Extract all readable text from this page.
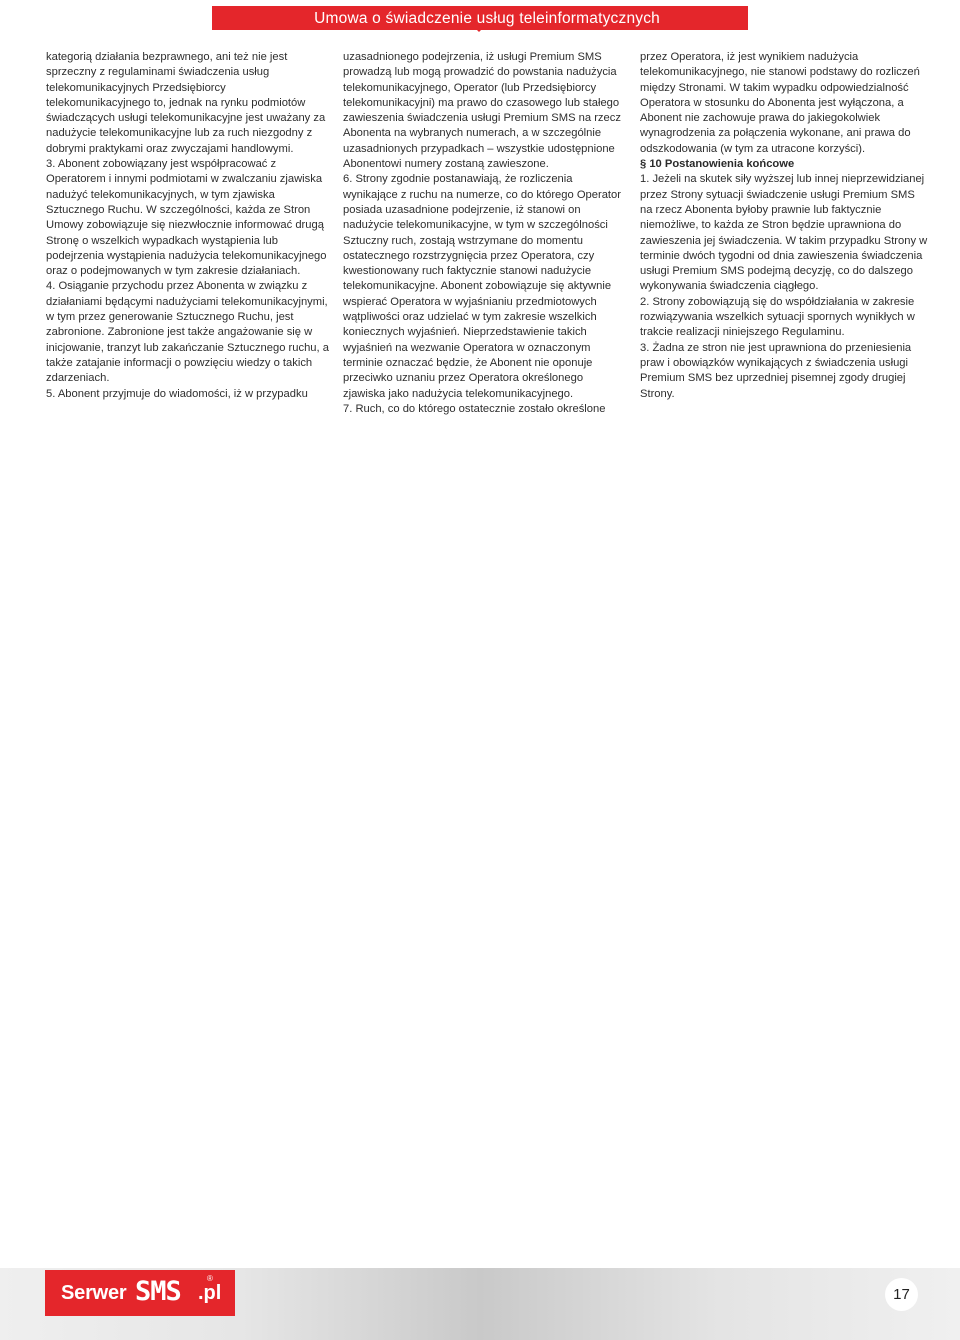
Umowa o świadczenie usług teleinformatycznych

kategorią działania bezprawnego, ani też nie jest sprzeczny z regulaminami świadczenia usług telekomunikacyjnych Przedsiębiorcy telekomunikacyjnego to, jednak na rynku podmiotów świadczących usługi telekomunikacyjne jest uważany za nadużycie telekomunikacyjne lub za ruch niezgodny z dobrymi praktykami oraz zwyczajami handlowymi.

3. Abonent zobowiązany jest współpracować z Operatorem i innymi podmiotami w zwalczaniu zjawiska nadużyć telekomunikacyjnych, w tym zjawiska Sztucznego Ruchu. W szczególności, każda ze Stron Umowy zobowiązuje się niezwłocznie informować drugą Stronę o wszelkich wypadkach wystąpienia lub podejrzenia wystąpienia nadużycia telekomunikacyjnego oraz o podejmowanych w tym zakresie działaniach.

4. Osiąganie przychodu przez Abonenta w związku z działaniami będącymi nadużyciami telekomunikacyjnymi,

w tym przez generowanie Sztucznego Ruchu, jest zabronione. Zabronione jest także angażowanie się w inicjowanie, tranzyt lub zakańczanie Sztucznego ruchu, a także zatajanie informacji o powzięciu wiedzy o takich zdarzeniach.

5. Abonent przyjmuje do wiadomości, iż w przypadku

uzasadnionego podejrzenia, iż usługi Premium SMS prowadzą lub mogą prowadzić do powstania nadużycia telekomunikacyjnego, Operator (lub Przedsiębiorcy telekomunikacyjni) ma prawo do czasowego lub stałego zawieszenia świadczenia usługi Premium SMS na rzecz Abonenta na wybranych numerach, a w szczególnie uzasadnionych przypadkach – wszystkie udostępnione Abonentowi numery zostaną zawieszone.

6. Strony zgodnie postanawiają, że rozliczenia wynikające z ruchu na numerze, co do którego Operator posiada uzasadnione podejrzenie, iż stanowi on nadużycie telekomunikacyjne, w tym w szczególności Sztuczny ruch, zostają wstrzymane do momentu ostatecznego rozstrzygnięcia przez Operatora, czy kwestionowany ruch faktycznie stanowi nadużycie telekomunikacyjne. Abonent zobowiązuje się aktywnie wspierać Operatora w wyjaśnianiu przedmiotowych wątpliwości oraz udzielać w tym zakresie wszelkich koniecznych wyjaśnień. Nieprzedstawienie takich wyjaśnień na wezwanie Operatora w oznaczonym terminie oznaczać będzie, że Abonent nie oponuje przeciwko uznaniu przez Operatora określonego zjawiska jako nadużycia telekomunikacyjnego.

7. Ruch, co do którego ostatecznie zostało określone

przez Operatora, iż jest wynikiem nadużycia telekomunikacyjnego, nie stanowi podstawy do rozliczeń między Stronami. W takim wypadku odpowiedzialność Operatora w stosunku do Abonenta jest wyłączona, a Abonent nie zachowuje prawa do jakiegokolwiek wynagrodzenia za połączenia wykonane, ani prawa do odszkodowania (w tym za utracone korzyści).

§ 10 Postanowienia końcowe

1. Jeżeli na skutek siły wyższej lub innej nieprzewidzianej przez Strony sytuacji świadczenie usługi Premium SMS na rzecz Abonenta byłoby prawnie lub faktycznie niemożliwe, to każda ze Stron będzie uprawniona do zawieszenia jej świadczenia. W takim przypadku Strony w terminie dwóch tygodni od dnia zawieszenia świadczenia usługi Premium SMS podejmą decyzję, co do dalszego wykonywania świadczenia ciągłego.

2. Strony zobowiązują się do współdziałania w zakresie rozwiązywania wszelkich sytuacji spornych wynikłych w trakcie realizacji niniejszego Regulaminu.

3. Żadna ze stron nie jest uprawniona do przeniesienia praw i obowiązków wynikających z świadczenia usługi Premium SMS bez uprzedniej pisemnej zgody drugiej Strony.

Serwer SMS .pl
®
17
